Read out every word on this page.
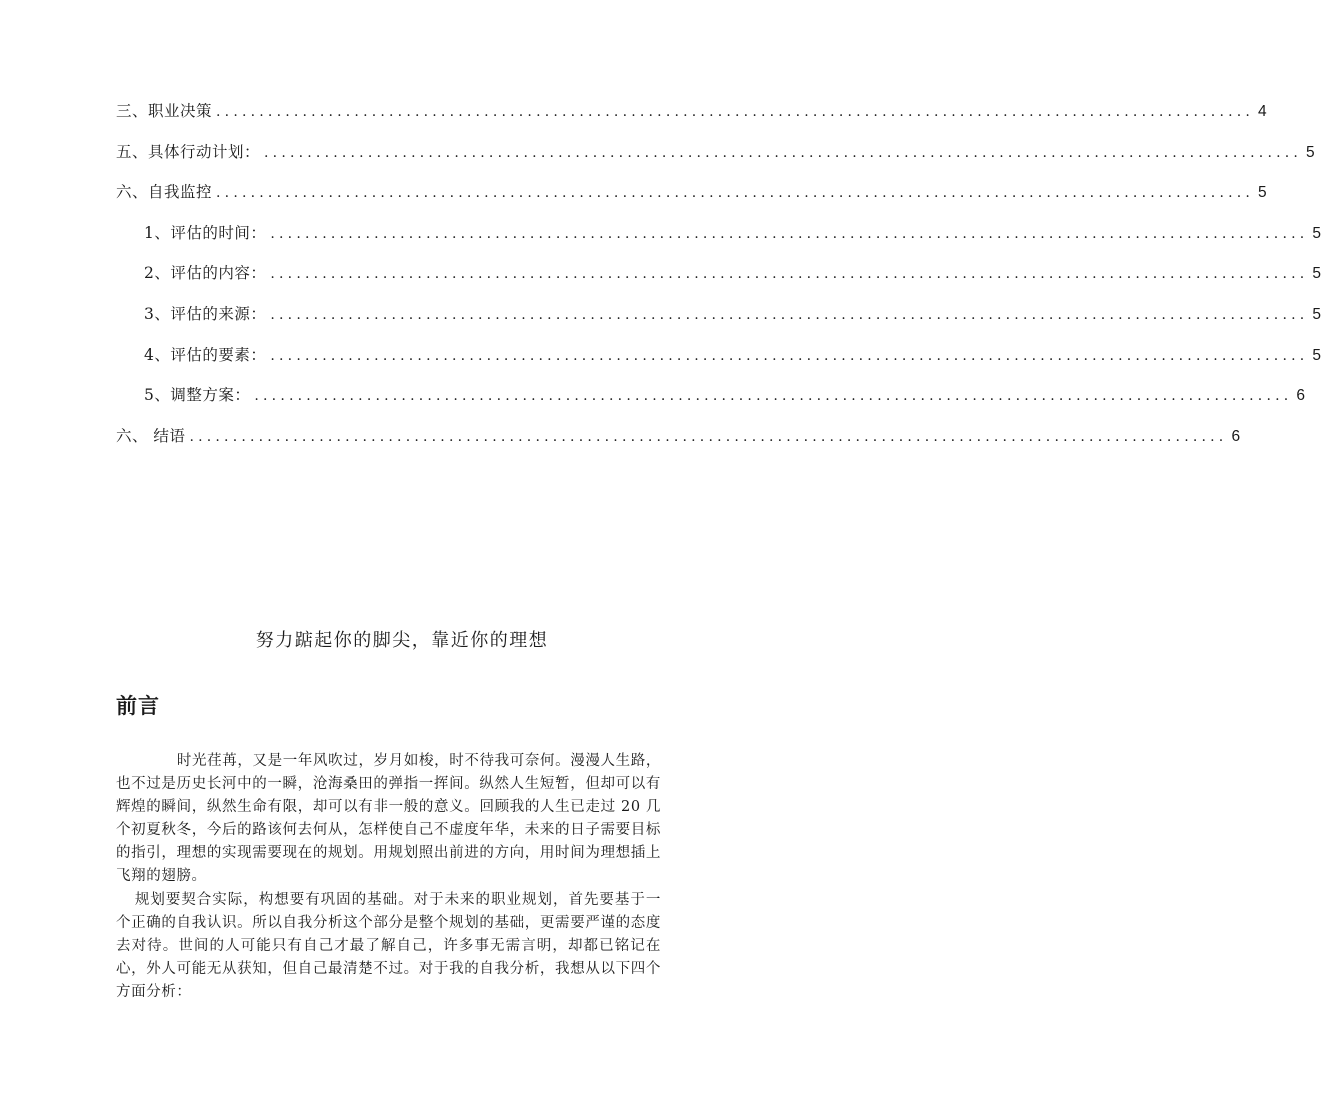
三、职业决策 ........................................................................................................................ 4
五、具体行动计划： ........................................................................................................................ 5
六、自我监控 ........................................................................................................................ 5
1、评估的时间： ........................................................................................................................ 5
2、评估的内容： ........................................................................................................................ 5
3、评估的来源： ........................................................................................................................ 5
4、评估的要素： ........................................................................................................................ 5
5、调整方案： ........................................................................................................................ 6
六、 结语 ........................................................................................................................ 6
努力踮起你的脚尖，靠近你的理想
前言

时光荏苒，又是一年风吹过，岁月如梭，时不待我可奈何。漫漫人生路，也不过是历史长河中的一瞬，沧海桑田的弹指一挥间。纵然人生短暂，但却可以有辉煌的瞬间，纵然生命有限，却可以有非一般的意义。回顾我的人生已走过 20 几个初夏秋冬，今后的路该何去何从，怎样使自己不虚度年华，未来的日子需要目标的指引，理想的实现需要现在的规划。用规划照出前进的方向，用时间为理想插上飞翔的翅膀。

规划要契合实际，构想要有巩固的基础。对于未来的职业规划，首先要基于一个正确的自我认识。所以自我分析这个部分是整个规划的基础，更需要严谨的态度去对待。世间的人可能只有自己才最了解自己，许多事无需言明，却都已铭记在心，外人可能无从获知，但自己最清楚不过。对于我的自我分析，我想从以下四个方面分析：
